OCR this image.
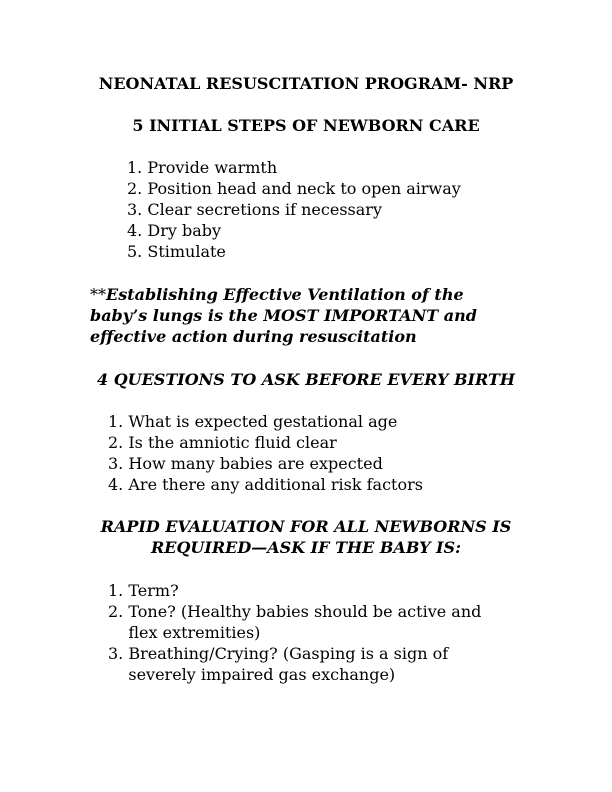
NEONATAL RESUSCITATION PROGRAM- NRP
5 INITIAL STEPS OF NEWBORN CARE
1.
Provide warmth
2.
Position head and neck to open airway
3.
Clear secretions if necessary
4.
Dry baby
5.
Stimulate

**Establishing Effective Ventilation of the baby’s lungs is the MOST IMPORTANT and effective action during resuscitation

4 QUESTIONS TO ASK BEFORE EVERY BIRTH
1.
What is expected gestational age
2.
Is the amniotic fluid clear
3.
How many babies are expected
4.
Are there any additional risk factors
RAPID EVALUATION FOR ALL NEWBORNS IS
REQUIRED—ASK IF THE BABY IS:
1.
Term?
2.
Tone? (Healthy babies should be active and flex extremities)
3.
Breathing/Crying? (Gasping is a sign of severely impaired gas exchange)
